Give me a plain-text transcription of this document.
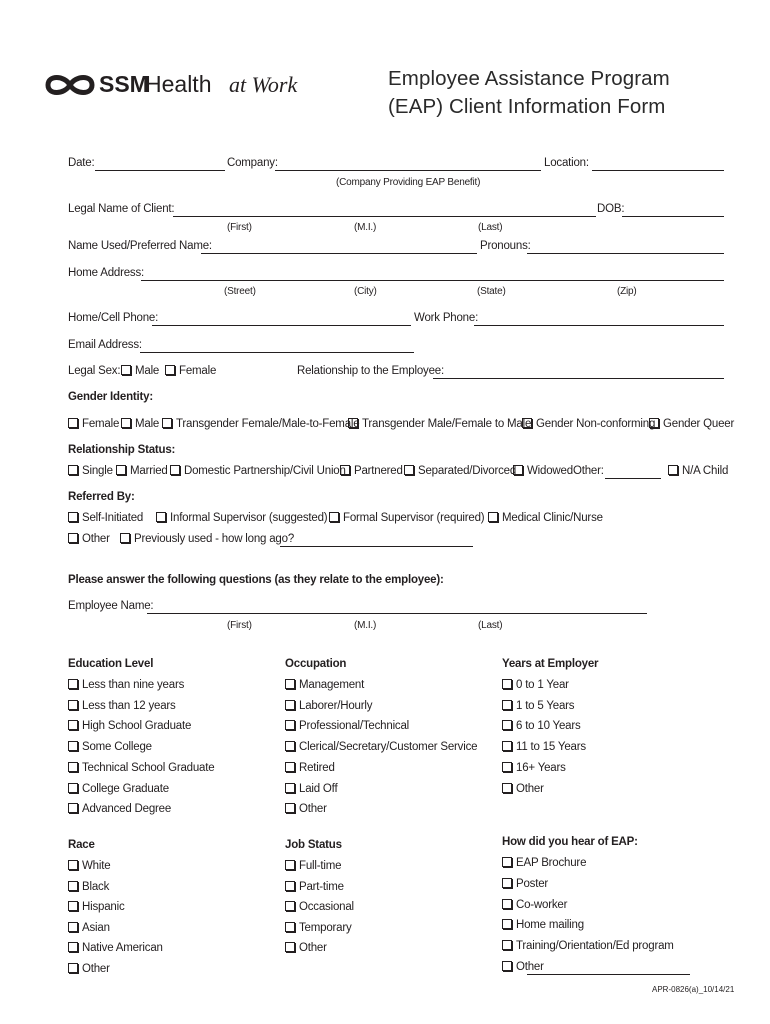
SSM
Health at Work	Employee Assistance Program
(EAP) Client Information Form
Date:	Company:	Location:
(Company Providing EAP Benefit)
Legal Name of Client:	DOB:
(First)	(M.I.)	(Last)
Name Used/Preferred Name:	Pronouns:
Home Address:
(Street)	(City)	(State)	(Zip)
Home/Cell Phone:	Work Phone:
Email Address:
Legal Sex:	Male	Female	Relationship to the Employee:
Gender Identity:
Female	Male	Transgender Female/Male-to-Female Transgender Male/Female to Male Gender Non-conforming Gender Queer
Relationship Status:
Single	Married	Domestic Partnership/Civil Union Partnered	Separated/Divorced Widowed Other:	N/A Child
Referred By:
Self-Initiated	Informal Supervisor (suggested)	Formal Supervisor (required)	Medical Clinic/Nurse
Other	Previously used - how long ago?
Please answer the following questions (as they relate to the employee):
Employee Name:
(First)	(M.I.)	(Last)
Education Level
Less than nine years
Less than 12 years
High School Graduate
Some College
Technical School Graduate
College Graduate
Advanced Degree
Occupation
Management
Laborer/Hourly
Professional/Technical
Clerical/Secretary/Customer Service
Retired
Laid Off
Other
Years at Employer
0 to 1 Year
1 to 5 Years
6 to 10 Years
11 to 15 Years
16+ Years
Other
Race
White
Black
Hispanic
Asian
Native American
Other
Job Status
Full-time
Part-time
Occasional
Temporary
Other
How did you hear of EAP:
EAP Brochure
Poster
Co-worker
Home mailing
Training/Orientation/Ed program
Other
APR-0826(a)_10/14/21
